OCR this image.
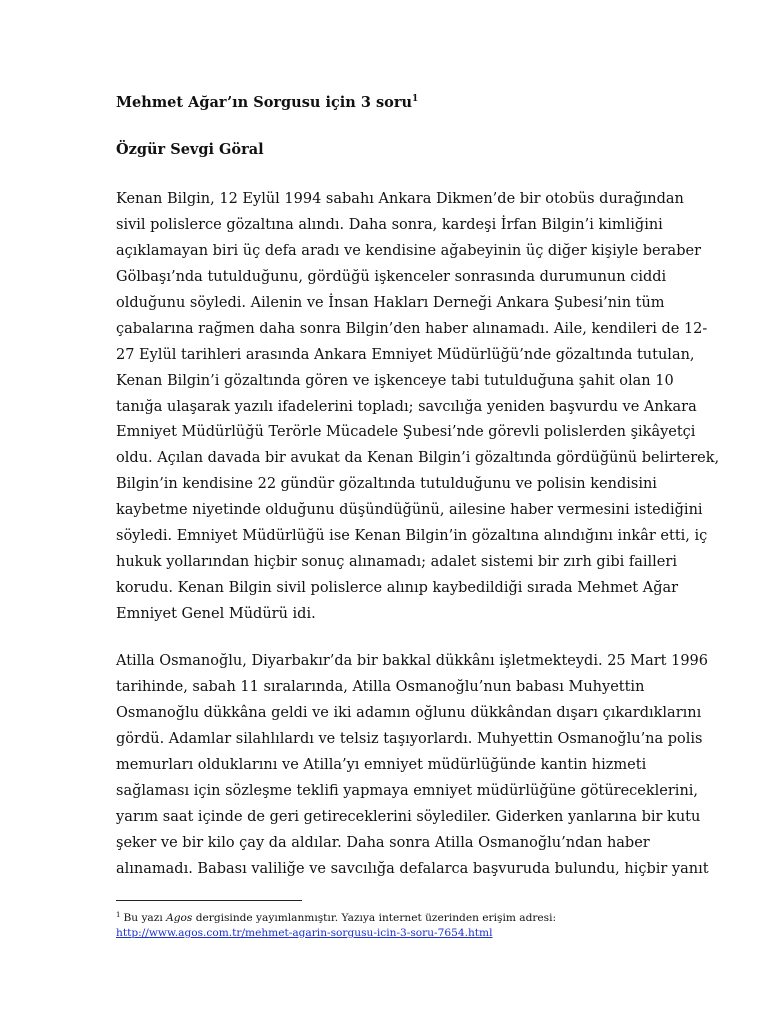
Mehmet Ağar’ın Sorgusu için 3 soru$^1$
Özgür Sevgi Göral
Kenan Bilgin, 12 Eylül 1994 sabahı Ankara Dikmen’de bir otobüs durağından
sivil polislerce gözaltına alındı. Daha sonra, kardeşi İrfan Bilgin’i kimliğini
açıklamayan biri üç defa aradı ve kendisine ağabeyinin üç diğer kişiyle beraber
Gölbaşı’nda tutulduğunu, gördüğü işkenceler sonrasında durumunun ciddi
olduğunu söyledi. Ailenin ve İnsan Hakları Derneği Ankara Şubesi’nin tüm
çabalarına rağmen daha sonra Bilgin’den haber alınamadı. Aile, kendileri de 12-
27 Eylül tarihleri arasında Ankara Emniyet Müdürlüğü’nde gözaltında tutulan,
Kenan Bilgin’i gözaltında gören ve işkenceye tabi tutulduğuna şahit olan 10
tanığa ulaşarak yazılı ifadelerini topladı; savcılığa yeniden başvurdu ve Ankara
Emniyet Müdürlüğü Terörle Mücadele Şubesi’nde görevli polislerden şikâyetçi
oldu. Açılan davada bir avukat da Kenan Bilgin’i gözaltında gördüğünü belirterek,
Bilgin’in kendisine 22 gündür gözaltında tutulduğunu ve polisin kendisini
kaybetme niyetinde olduğunu düşündüğünü, ailesine haber vermesini istediğini
söyledi. Emniyet Müdürlüğü ise Kenan Bilgin’in gözaltına alındığını inkâr etti, iç
hukuk yollarından hiçbir sonuç alınamadı; adalet sistemi bir zırh gibi failleri
korudu. Kenan Bilgin sivil polislerce alınıp kaybedildiği sırada Mehmet Ağar
Emniyet Genel Müdürü idi.
Atilla Osmanoğlu, Diyarbakır’da bir bakkal dükkânı işletmekteydi. 25 Mart 1996
tarihinde, sabah 11 sıralarında, Atilla Osmanoğlu’nun babası Muhyettin
Osmanoğlu dükkâna geldi ve iki adamın oğlunu dükkândan dışarı çıkardıklarını
gördü. Adamlar silahlılardı ve telsiz taşıyorlardı. Muhyettin Osmanoğlu’na polis
memurları olduklarını ve Atilla’yı emniyet müdürlüğünde kantin hizmeti
sağlaması için sözleşme teklifi yapmaya emniyet müdürlüğüne götüreceklerini,
yarım saat içinde de geri getireceklerini söylediler. Giderken yanlarına bir kutu
şeker ve bir kilo çay da aldılar. Daha sonra Atilla Osmanoğlu’ndan haber
alınamadı. Babası valiliğe ve savcılığa defalarca başvuruda bulundu, hiçbir yanıt
$^1$ Bu yazı Agos dergisinde yayımlanmıştır. Yazıya internet üzerinden erişim adresi:
http://www.agos.com.tr/mehmet-agarin-sorgusu-icin-3-soru-7654.html
